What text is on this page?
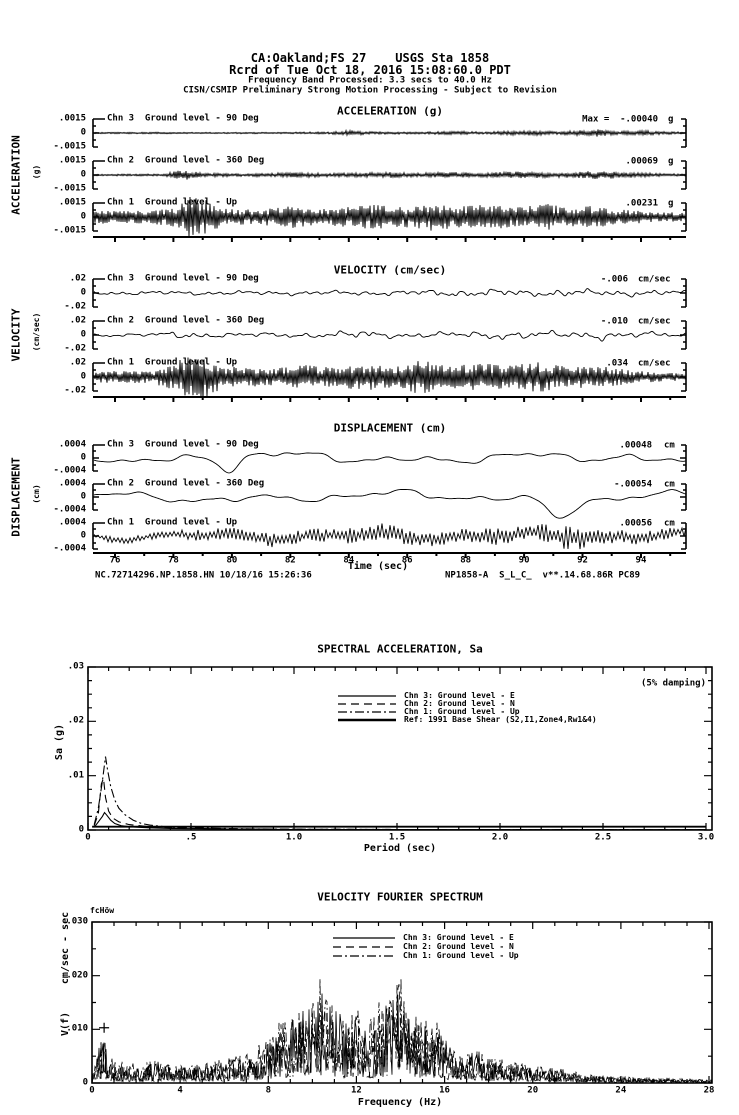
CA:Oakland;FS 27    USGS Sta 1858
Rcrd of Tue Oct 18, 2016 15:08:60.0 PDT
Frequency Band Processed: 3.3 secs to 40.0 Hz
CISN/CSMIP Preliminary Strong Motion Processing - Subject to Revision
ACCELERATION (g)
VELOCITY (cm/sec)
DISPLACEMENT (cm)
SPECTRAL ACCELERATION, Sa
VELOCITY FOURIER SPECTRUM
ACCELERATION (g)
VELOCITY (cm/sec)
DISPLACEMENT (cm)
Sa (g)
cm/sec - sec
V(f)
Time (sec)
Period (sec)
Frequency (Hz)
(5% damping)
fcHöw
NC.72714296.NP.1858.HN 10/18/16 15:26:36	NP1858-A  S_L_C_  v**.14.68.86R PC89
.0015
0
-.0015
Chn 3  Ground level - 90 Deg	Max =  -.00040 g
.0015
0
-.0015
Chn 2  Ground level - 360 Deg	.00069 g
.0015
0
-.0015
Chn 1  Ground level - Up	.00231 g
.02
0
-.02
Chn 3  Ground level - 90 Deg	-.006 cm/sec
.02
0
-.02
Chn 2  Ground level - 360 Deg	-.010 cm/sec
.02
0
-.02
Chn 1  Ground level - Up	.034 cm/sec
76	78	80	82	84	86	88	90	92	94
.0004
0
-.0004
Chn 3  Ground level - 90 Deg	.00048 cm
.0004
0
-.0004
Chn 2  Ground level - 360 Deg	-.00054 cm
.0004
0
-.0004
Chn 1  Ground level - Up	.00056 cm
0	.5	1.0	1.5	2.0	2.5	3.0
.03
.02
.01
0
Chn 3: Ground level - E
Chn 2: Ground level - N
Chn 1: Ground level - Up
Ref: 1991 Base Shear (S2,I1,Zone4,Rw1&4)
0	4	8	12	16	20	24	28
.030
.020
.010
0
Chn 3: Ground level - E
Chn 2: Ground level - N
Chn 1: Ground level - Up
